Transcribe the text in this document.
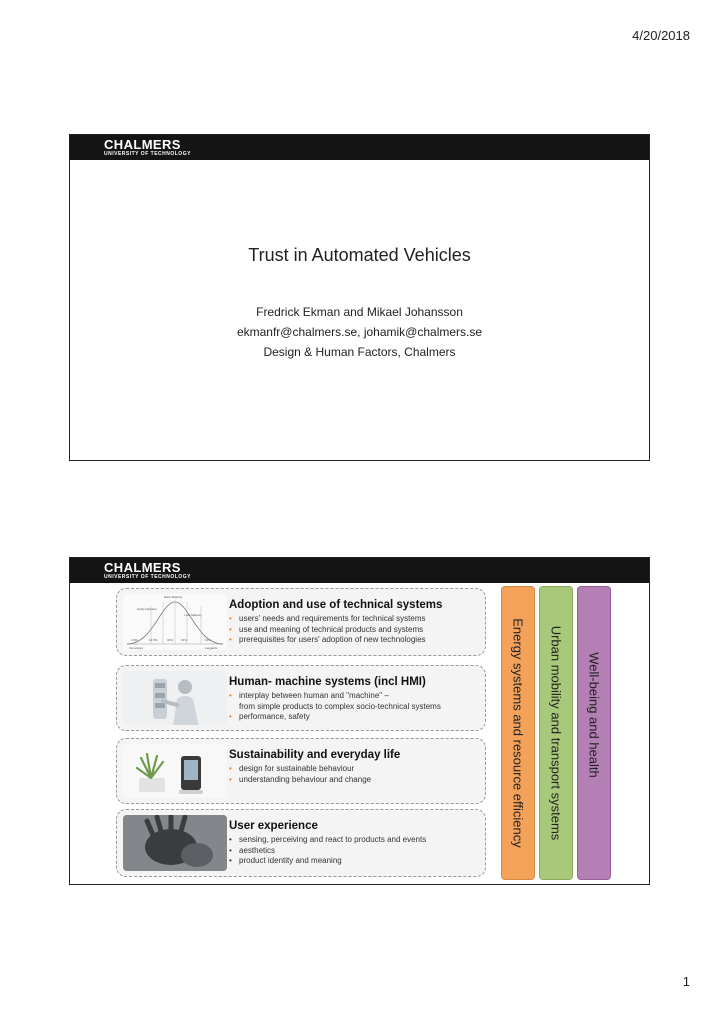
4/20/2018
CHALMERS
UNIVERSITY OF TECHNOLOGY
Trust in Automated Vehicles
Fredrick Ekman and Mikael Johansson
ekmanfr@chalmers.se, johamik@chalmers.se
Design & Human Factors, Chalmers
CHALMERS
UNIVERSITY OF TECHNOLOGY
Early Majority
Early Adopters
Late Majority
2.5%	13.5%	34%	34%	16%
Innovators	Laggards
Adoption and use of technical systems
• users' needs and requirements for technical systems
• use and meaning of technical products and systems
• prerequisites for users' adoption of new technologies
Human- machine systems (incl HMI)
• interplay between human and "machine" –
from simple products to complex socio-technical systems
• performance, safety
Sustainability and everyday life
• design for sustainable behaviour
• understanding behaviour and change
User experience
• sensing, perceiving and react to products and events
• aesthetics
• product identity and meaning
Energy systems and resource efficiency Urban mobility and transport systems Well-being and health
1
